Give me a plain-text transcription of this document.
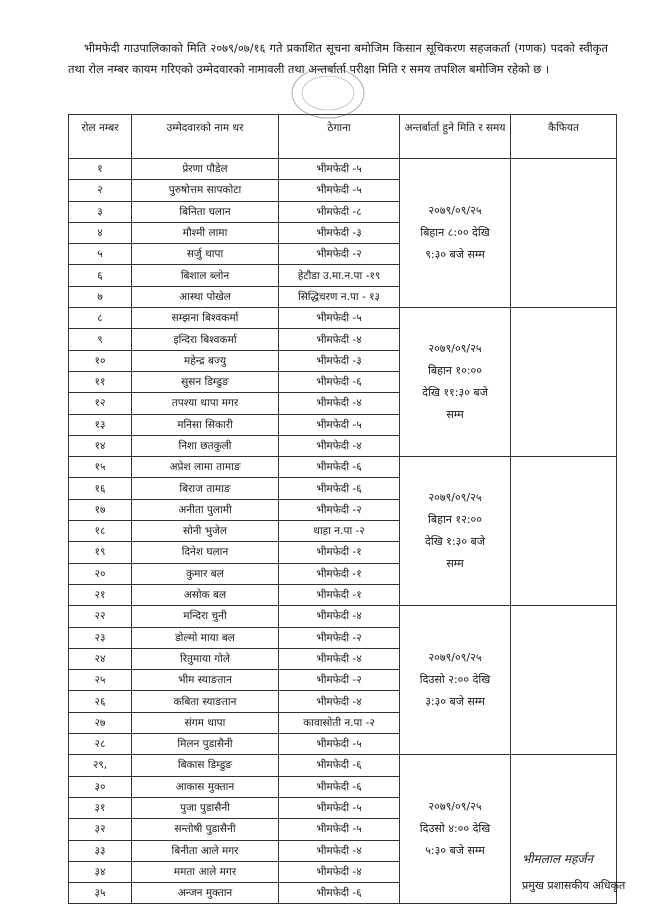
भीमफेदी गाउपालिकाको मिति २०७९/०७/१६ गते प्रकाशित सूचना बमोजिम किसान सूचिकरण सहजकर्ता (गणक) पदको स्वीकृत तथा रोल नम्बर कायम गरिएको उम्मेदवारको नामावली तथा अन्तर्बार्ता परीक्षा मिति र समय तपशिल बमोजिम रहेको छ ।

रोल नम्बर	उम्मेदवारको नाम थर	ठेगाना	अन्तर्बार्ता हुने मिति र समय	कैफियत
१	प्रेरणा पौडेल	भीमफेदी -५	२०७९/०९/२५
बिहान ८:०० देखि
९:३० बजे सम्म	

२	पुरुषोत्तम सापकोटा	भीमफेदी -५		
३	बिनिता घलान	भीमफेदी -८		
४	मौश्मी लामा	भीमफेदी -३		
५	सर्जु थापा	भीमफेदी -२		
६	बिशाल ब्लोन	हेटौडा उ.मा.न.पा -१९		
७	आस्था पोखेल	सिद्धिचरण न.पा - १३		
८	सम्झना बिश्वकर्मा	भीमफेदी -५	२०७९/०९/२५
बिहान १०:००
देखि ११:३० बजे
सम्म	

९	इन्दिरा बिश्वकर्मा	भीमफेदी -४		
१०	महेन्द्र बज्यु	भीमफेदी -३		
११	सुसन डिम्डुङ	भीमफेदी -६		
१२	तपश्या थापा मगर	भीमफेदी -४		
१३	मनिसा सिकारी	भीमफेदी -५		
१४	निशा छतकुली	भीमफेदी -४		
१५	अप्रेश लामा तामाङ	भीमफेदी -६	२०७९/०९/२५
बिहान १२:००
देखि १:३० बजे
सम्म	

१६	बिराज तामाङ	भीमफेदी -६		
१७	अनीता पुलामी	भीमफेदी -२		
१८	सोनी भुजेल	थाहा न.पा -२		
१९	दिनेश घलान	भीमफेदी -१		
२०	कुमार बल	भीमफेदी -१		
२१	असोक बल	भीमफेदी -१		
२२	मन्दिरा चुनी	भीमफेदी -४	२०७९/०९/२५
दिउसो २:०० देखि
३:३० बजे सम्म	

२३	डोल्मो माया बल	भीमफेदी -२		
२४	रितुमाया गोले	भीमफेदी -४		
२५	भीम स्याङतान	भीमफेदी -२		
२६	कबिता स्याङतान	भीमफेदी -४		
२७	संगम थापा	कावासोती न.पा -२		
२८	मिलन पुडासैनी	भीमफेदी -५		
२९,	बिकास डिम्डुङ	भीमफेदी -६	२०७९/०९/२५
दिउसो ४:०० देखि
५:३० बजे सम्म	

३०	आकास मुक्तान	भीमफेदी -६		
३१	पुजा पुडासैनी	भीमफेदी -५		
३२	सन्तोषी पुडासैनी	भीमफेदी -५		
३३	बिनीता आले मगर	भीमफेदी -४		
३४	ममता आले मगर	भीमफेदी -४		
३५	अन्जन मुक्तान	भीमफेदी -६		
भीमलाल महर्जन
प्रमुख प्रशासकीय अधिकृत
